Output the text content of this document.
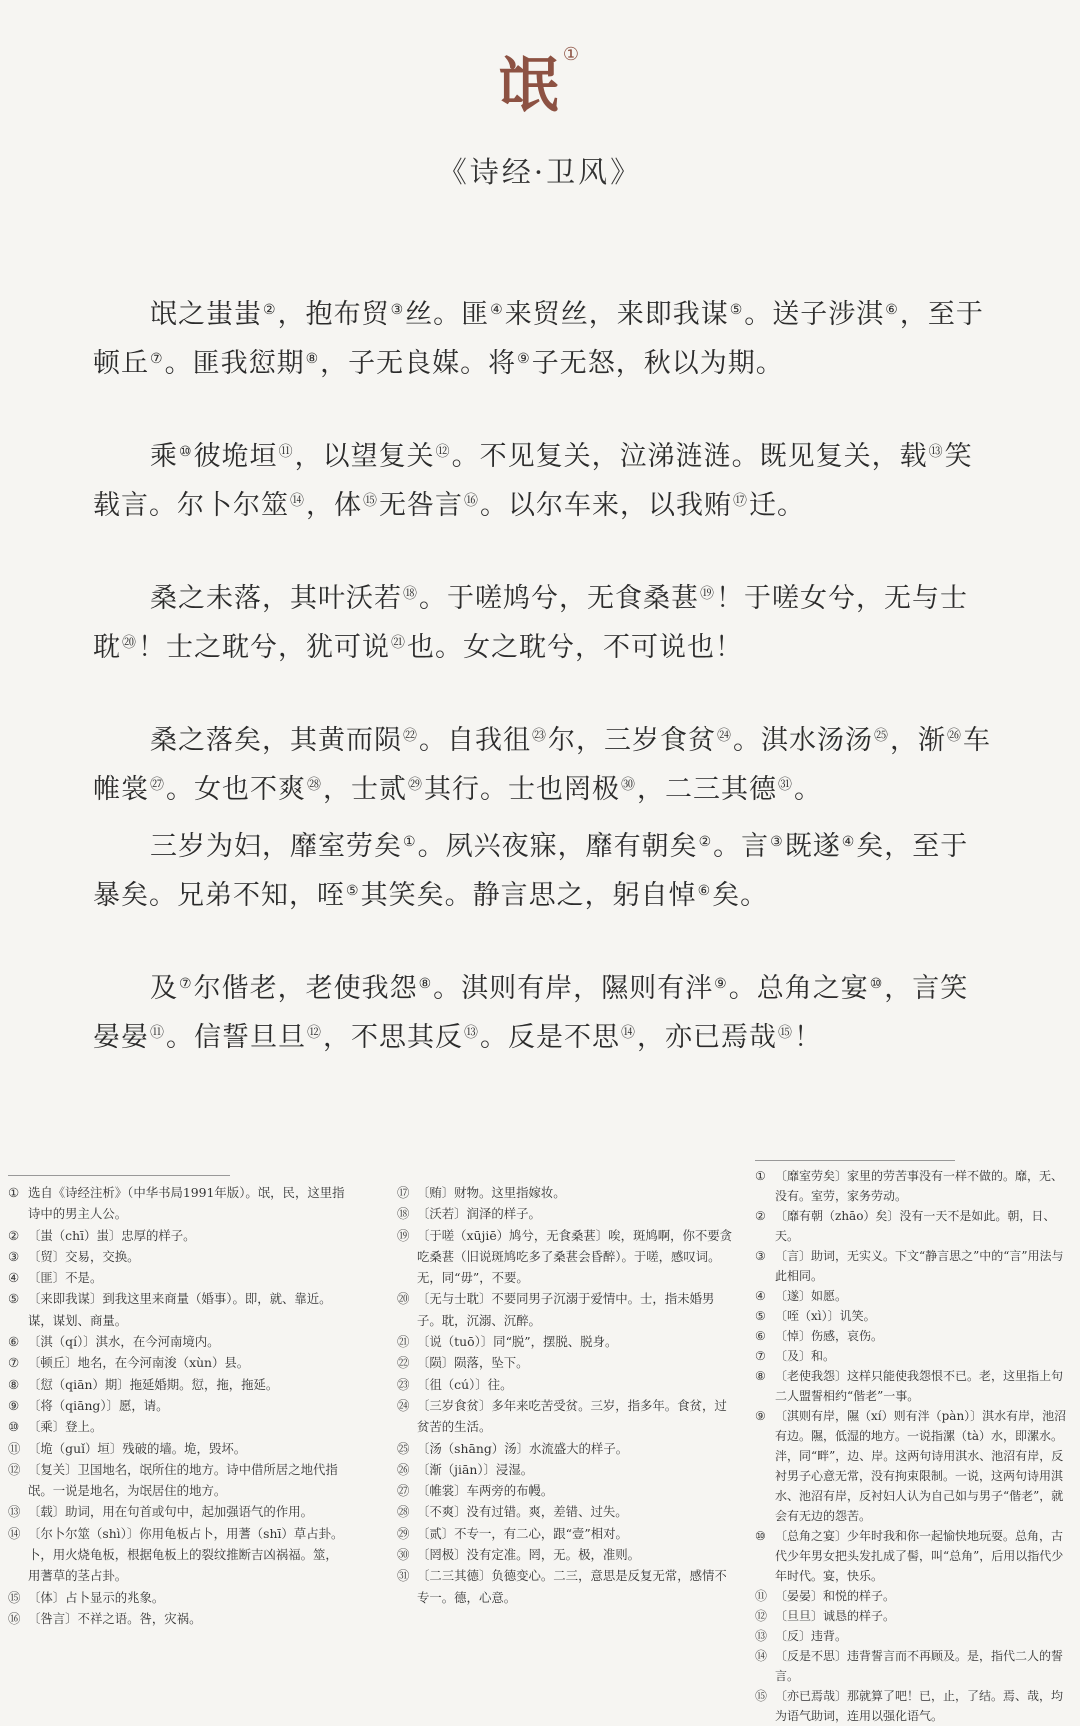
氓 ①
《诗经·卫风》

氓之蚩蚩②，抱布贸③丝。匪④来贸丝，来即我谋⑤。送子涉淇⑥，至于顿丘⑦。匪我愆期⑧，子无良媒。将⑨子无怒，秋以为期。

乘⑩彼垝垣⑪，以望复关⑫。不见复关，泣涕涟涟。既见复关，载⑬笑载言。尔卜尔筮⑭，体⑮无咎言⑯。以尔车来，以我贿⑰迁。

桑之未落，其叶沃若⑱。于嗟鸠兮，无食桑葚⑲！于嗟女兮，无与士耽⑳！士之耽兮，犹可说$^㉑$也。女之耽兮，不可说也！

桑之落矣，其黄而陨$^㉒$。自我徂$^㉓$尔，三岁食贫$^㉔$。淇水汤汤$^㉕$，渐$^㉖$车帷裳$^㉗$。女也不爽$^㉘$，士贰$^㉙$其行。士也罔极$^㉚$，二三其德$^㉛$。

三岁为妇，靡室劳矣①。夙兴夜寐，靡有朝矣②。言③既遂④矣，至于暴矣。兄弟不知，咥⑤其笑矣。静言思之，躬自悼⑥矣。

及⑦尔偕老，老使我怨⑧。淇则有岸，隰则有泮⑨。总角之宴⑩，言笑晏晏⑪。信誓旦旦⑫，不思其反⑬。反是不思⑭，亦已焉哉⑮！

① 选自《诗经注析》（中华书局1991年版）。氓，民，这里指诗中的男主人公。
② 〔蚩（chī）蚩〕忠厚的样子。
③ 〔贸〕交易，交换。
④ 〔匪〕不是。
⑤ 〔来即我谋〕到我这里来商量（婚事）。即，就、靠近。谋，谋划、商量。
⑥ 〔淇（qí）〕淇水，在今河南境内。
⑦ 〔顿丘〕地名，在今河南浚（xùn）县。
⑧ 〔愆（qiān）期〕拖延婚期。愆，拖，拖延。
⑨ 〔将（qiāng）〕愿，请。
⑩ 〔乘〕登上。
⑪ 〔垝（guǐ）垣〕残破的墙。垝，毁坏。
⑫ 〔复关〕卫国地名，氓所住的地方。诗中借所居之地代指氓。一说是地名，为氓居住的地方。
⑬ 〔载〕助词，用在句首或句中，起加强语气的作用。
⑭ 〔尔卜尔筮（shì）〕你用龟板占卜，用蓍（shī）草占卦。卜，用火烧龟板，根据龟板上的裂纹推断吉凶祸福。筮，用蓍草的茎占卦。
⑮ 〔体〕占卜显示的兆象。
⑯ 〔咎言〕不祥之语。咎，灾祸。
⑰ 〔贿〕财物。这里指嫁妆。
⑱ 〔沃若〕润泽的样子。
⑲ 〔于嗟（xūjiē）鸠兮，无食桑葚〕唉，斑鸠啊，你不要贪吃桑葚（旧说斑鸠吃多了桑葚会昏醉）。于嗟，感叹词。无，同“毋”，不要。
⑳ 〔无与士耽〕不要同男子沉溺于爱情中。士，指未婚男子。耽，沉溺、沉醉。
㉑ 〔说（tuō）〕同“脱”，摆脱、脱身。
㉒ 〔陨〕陨落，坠下。
㉓ 〔徂（cú）〕往。
㉔ 〔三岁食贫〕多年来吃苦受贫。三岁，指多年。食贫，过贫苦的生活。
㉕ 〔汤（shāng）汤〕水流盛大的样子。
㉖ 〔渐（jiān）〕浸湿。
㉗ 〔帷裳〕车两旁的布幔。
㉘ 〔不爽〕没有过错。爽，差错、过失。
㉙ 〔贰〕不专一，有二心，跟“壹”相对。
㉚ 〔罔极〕没有定准。罔，无。极，准则。
㉛ 〔二三其德〕负德变心。二三，意思是反复无常，感情不专一。德，心意。
① 〔靡室劳矣〕家里的劳苦事没有一样不做的。靡，无、没有。室劳，家务劳动。
② 〔靡有朝（zhāo）矣〕没有一天不是如此。朝，日、天。
③ 〔言〕助词，无实义。下文“静言思之”中的“言”用法与此相同。
④ 〔遂〕如愿。
⑤ 〔咥（xì）〕讥笑。
⑥ 〔悼〕伤感，哀伤。
⑦ 〔及〕和。
⑧ 〔老使我怨〕这样只能使我怨恨不已。老，这里指上句二人盟誓相约“偕老”一事。
⑨ 〔淇则有岸，隰（xí）则有泮（pàn）〕淇水有岸，池沼有边。隰，低湿的地方。一说指漯（tà）水，即漯水。泮，同“畔”，边、岸。这两句诗用淇水、池沼有岸，反衬男子心意无常，没有拘束限制。一说，这两句诗用淇水、池沼有岸，反衬妇人认为自己如与男子“偕老”，就会有无边的怨苦。
⑩ 〔总角之宴〕少年时我和你一起愉快地玩耍。总角，古代少年男女把头发扎成了髻，叫“总角”，后用以指代少年时代。宴，快乐。
⑪ 〔晏晏〕和悦的样子。
⑫ 〔旦旦〕诚恳的样子。
⑬ 〔反〕违背。
⑭ 〔反是不思〕违背誓言而不再顾及。是，指代二人的誓言。
⑮ 〔亦已焉哉〕那就算了吧！已，止，了结。焉、哉，均为语气助词，连用以强化语气。
